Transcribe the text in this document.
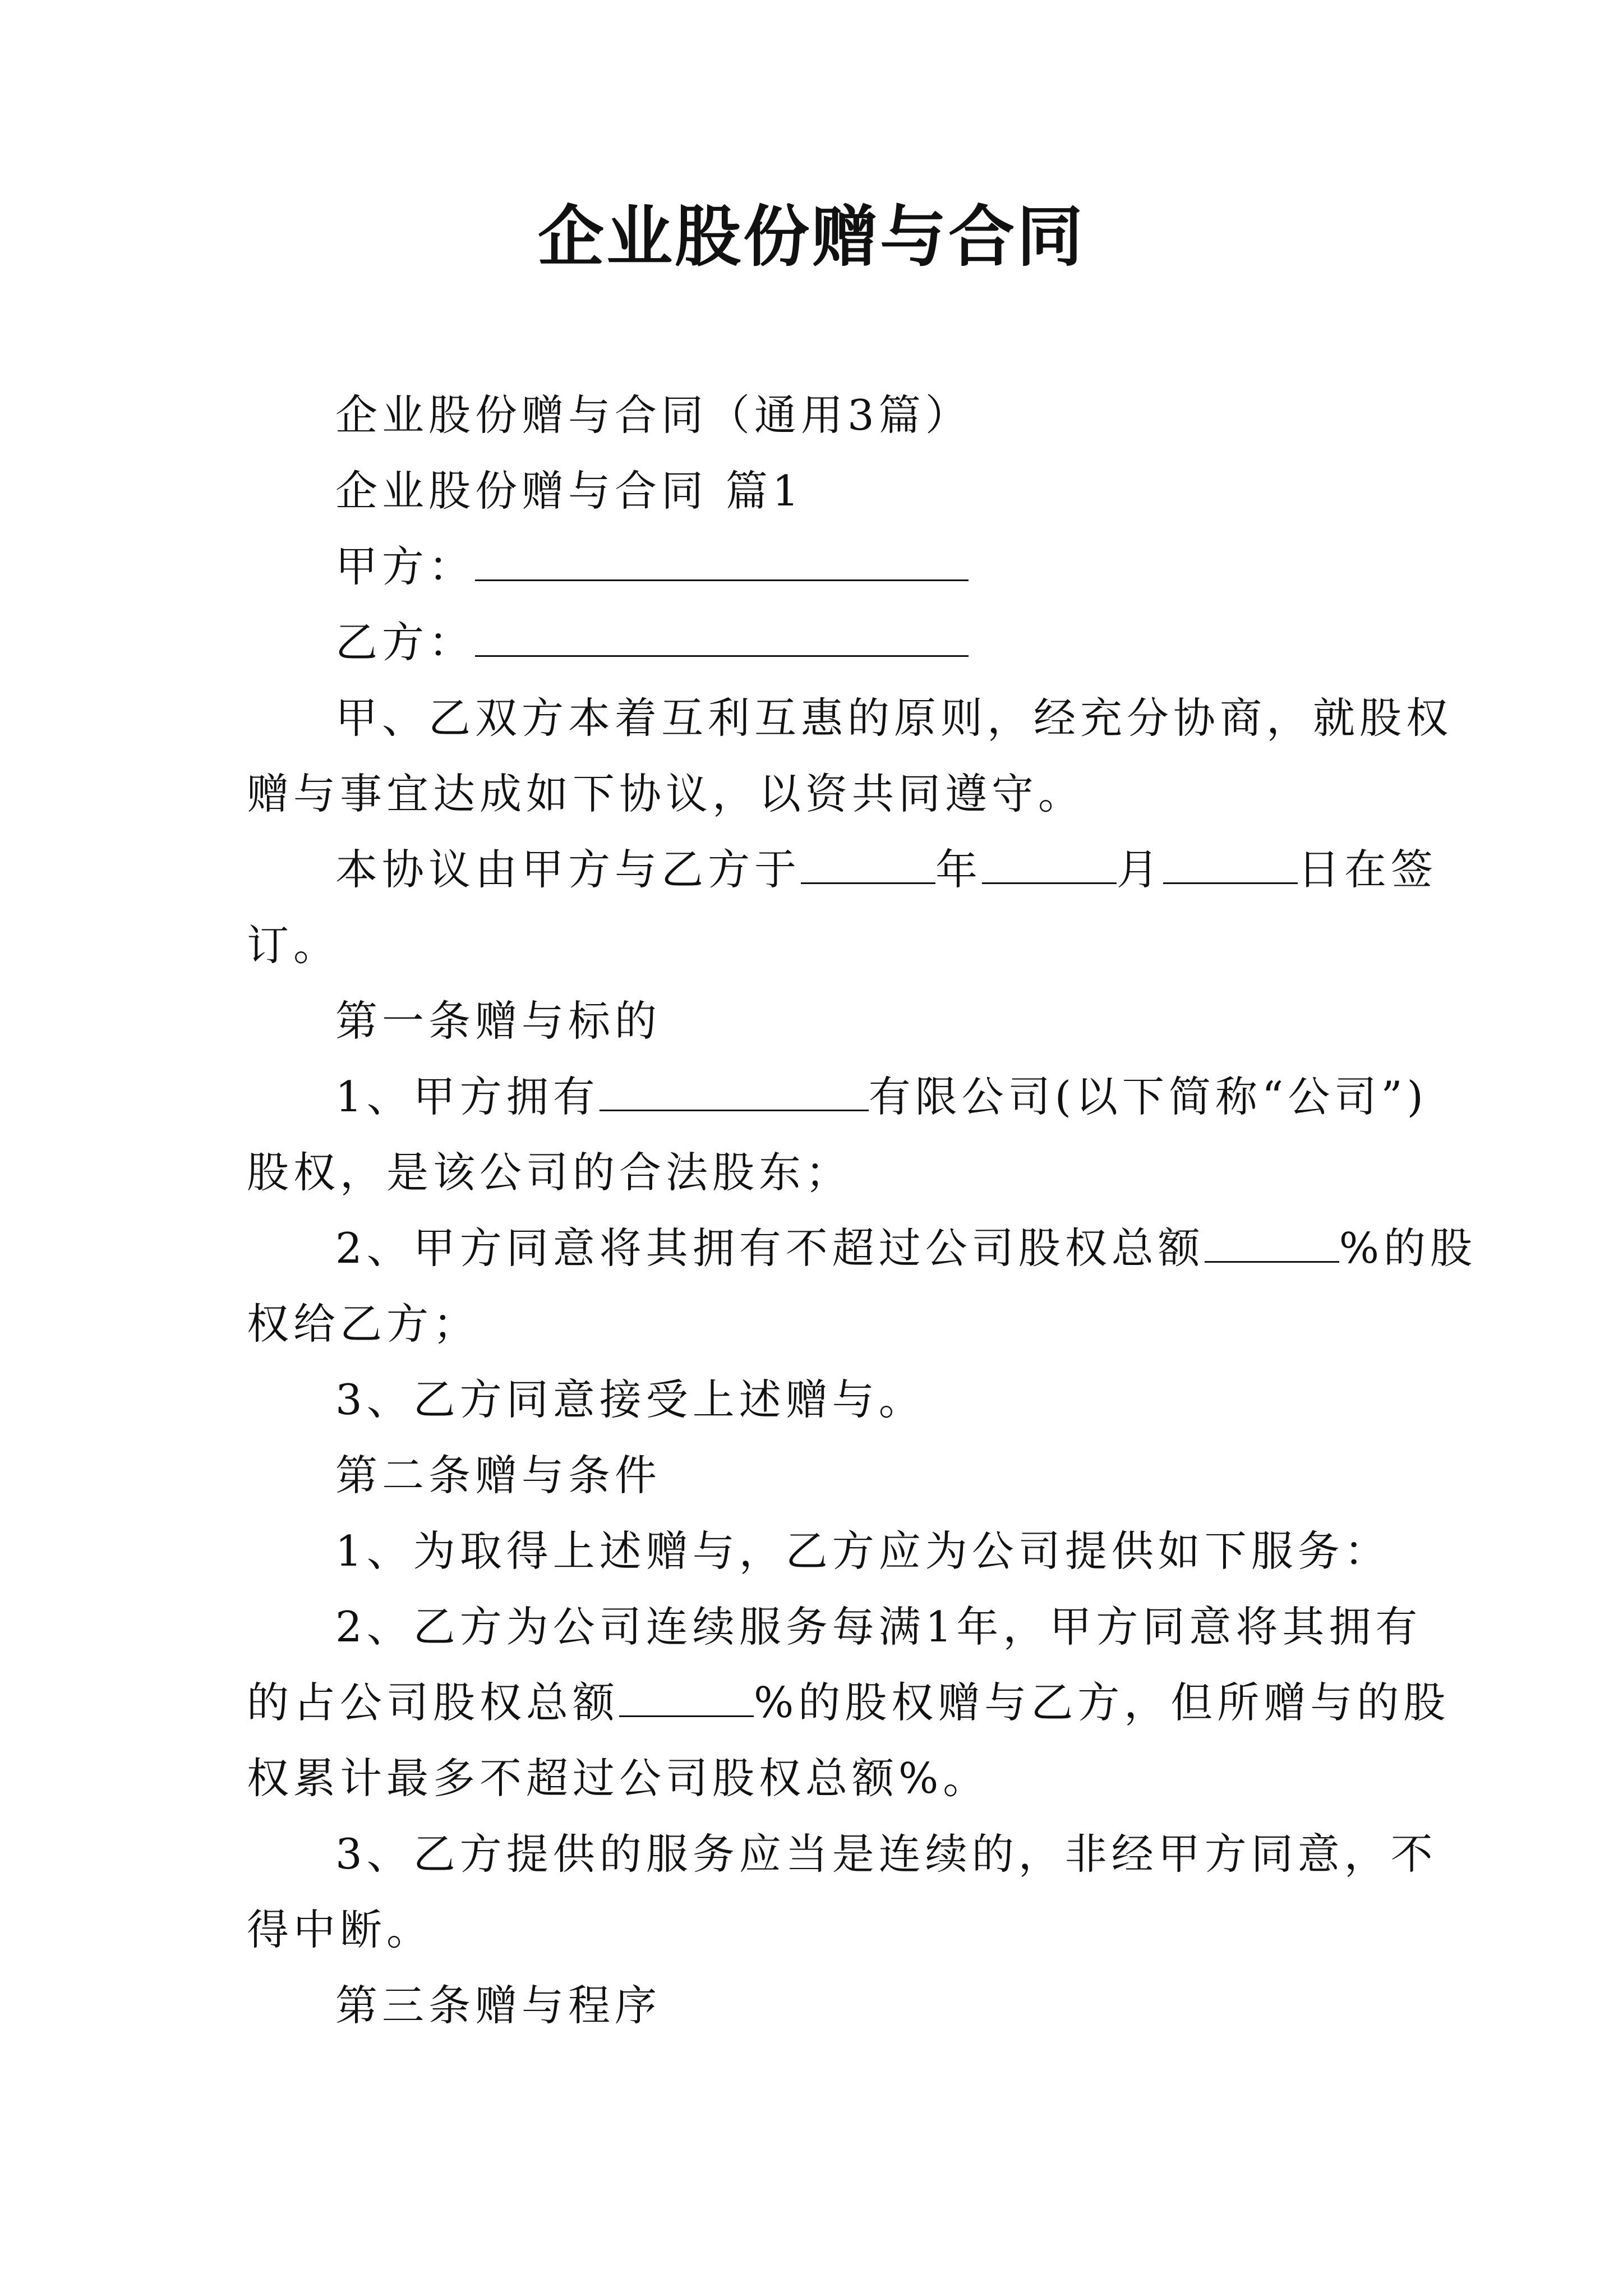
企业股份赠与合同
企业股份赠与合同（通用3篇）
企业股份赠与合同 篇1
甲方：
乙方：
甲、乙双方本着互利互惠的原则，经充分协商，就股权
赠与事宜达成如下协议，以资共同遵守。
本协议由甲方与乙方于	年	月	日在签
订。
第一条赠与标的
1、甲方拥有	有限公司(以下简称“公司”)
股权，是该公司的合法股东；
2、甲方同意将其拥有不超过公司股权总额	%的股
权给乙方；
3、乙方同意接受上述赠与。
第二条赠与条件
1、为取得上述赠与，乙方应为公司提供如下服务：
2、乙方为公司连续服务每满1年，甲方同意将其拥有
的占公司股权总额	%的股权赠与乙方，但所赠与的股
权累计最多不超过公司股权总额%。
3、乙方提供的服务应当是连续的，非经甲方同意，不
得中断。
第三条赠与程序
